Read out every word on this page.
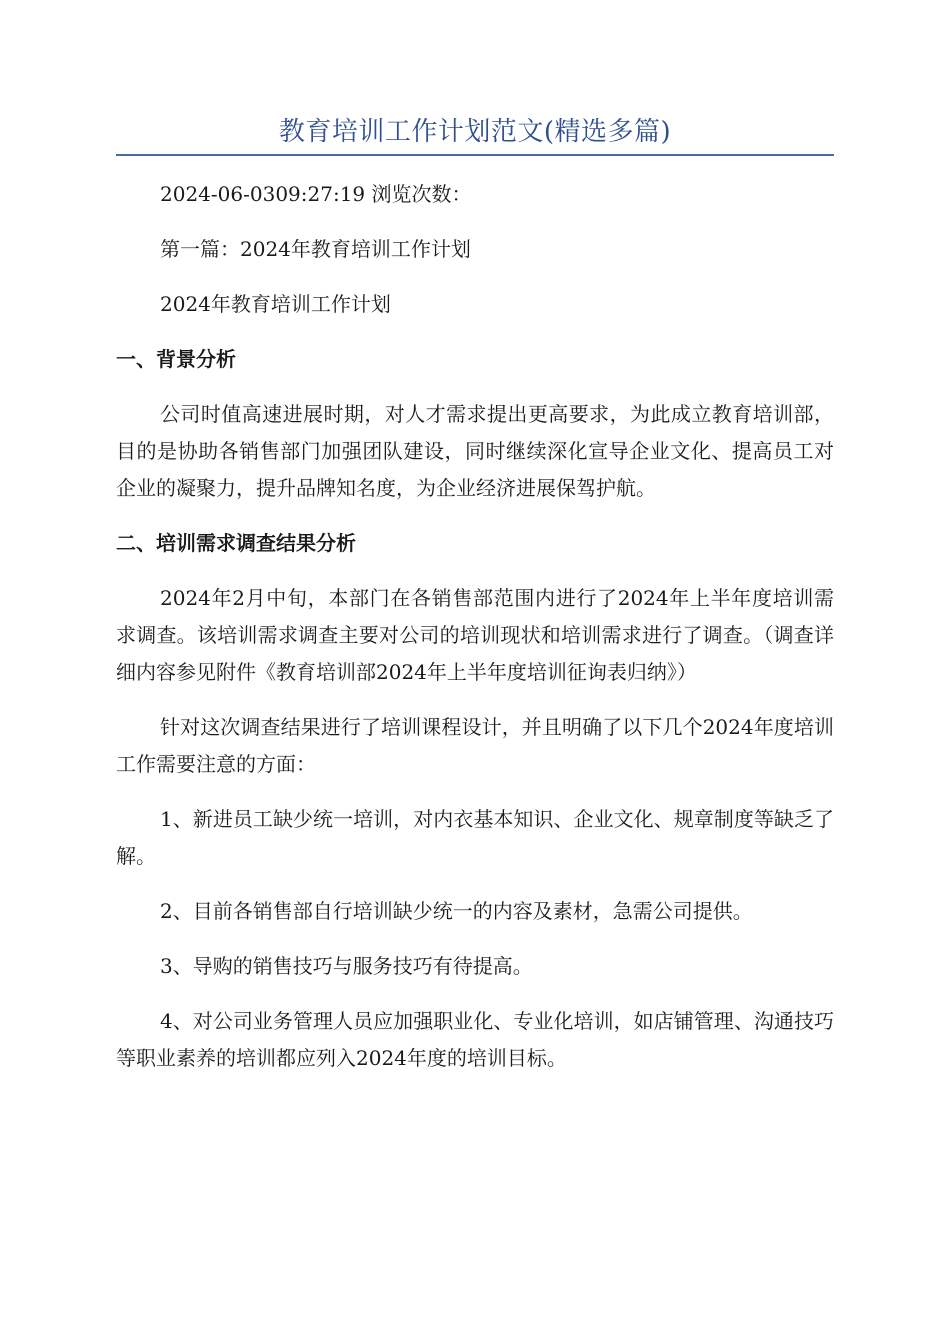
教育培训工作计划范文(精选多篇)

2024-06-0309:27:19 浏览次数：

第一篇：2024年教育培训工作计划

2024年教育培训工作计划

一、背景分析

公司时值高速进展时期，对人才需求提出更高要求，为此成立教育培训部，目的是协助各销售部门加强团队建设，同时继续深化宣导企业文化、提高员工对企业的凝聚力，提升品牌知名度，为企业经济进展保驾护航。

二、培训需求调查结果分析

2024年2月中旬，本部门在各销售部范围内进行了2024年上半年度培训需求调查。该培训需求调查主要对公司的培训现状和培训需求进行了调查。（调查详细内容参见附件《教育培训部2024年上半年度培训征询表归纳》）

针对这次调查结果进行了培训课程设计，并且明确了以下几个2024年度培训工作需要注意的方面：

1、新进员工缺少统一培训，对内衣基本知识、企业文化、规章制度等缺乏了解。

2、目前各销售部自行培训缺少统一的内容及素材，急需公司提供。

3、导购的销售技巧与服务技巧有待提高。

4、对公司业务管理人员应加强职业化、专业化培训，如店铺管理、沟通技巧等职业素养的培训都应列入2024年度的培训目标。
